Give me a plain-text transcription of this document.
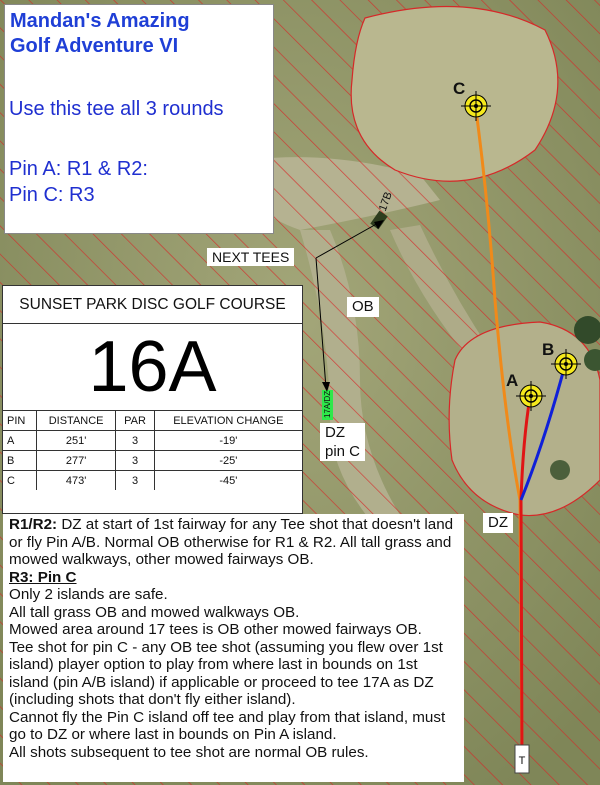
T
17B
17A/DZ

Mandan's Amazing
Golf Adventure VI

Use this tee all 3 rounds
Pin A: R1 & R2:
Pin C: R3
SUNSET PARK DISC GOLF COURSE
16A
PIN	DISTANCE	PAR	ELEVATION CHANGE
A	251'	3	-19'
B	277'	3	-25'
C	473'	3	-45'
NEXT TEES
OB
DZ
pin C
DZ
C
A
B

R1/R2: DZ at start of 1st fairway for any Tee shot that doesn't land or fly Pin A/B. Normal OB otherwise for R1 & R2. All tall grass and mowed walkways, other mowed fairways OB.

R3: Pin C

Only 2 islands are safe.

All tall grass OB and mowed walkways OB.

Mowed area around 17 tees is OB other mowed fairways OB.

Tee shot for pin C - any OB tee shot (assuming you flew over 1st island) player option to play from where last in bounds on 1st island (pin A/B island) if applicable or proceed to tee 17A as DZ (including shots that don't fly either island).

Cannot fly the Pin C island off tee and play from that island, must go to DZ or where last in bounds on Pin A island.

All shots subsequent to tee shot are normal OB rules.
